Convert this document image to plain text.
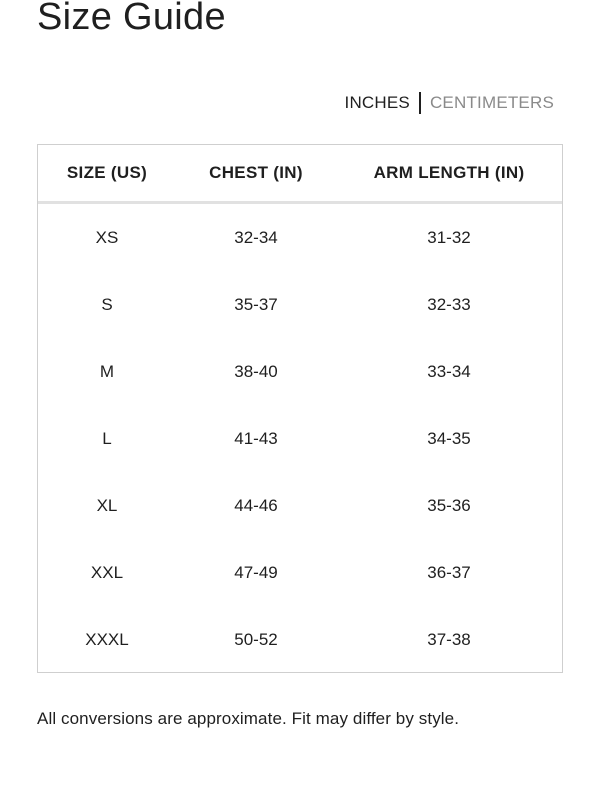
Size Guide
INCHES CENTIMETERS
SIZE (US)	CHEST (IN)	ARM LENGTH (IN)
XS	32-34	31-32
S	35-37	32-33
M	38-40	33-34
L	41-43	34-35
XL	44-46	35-36
XXL	47-49	36-37
XXXL	50-52	37-38

All conversions are approximate. Fit may differ by style.
